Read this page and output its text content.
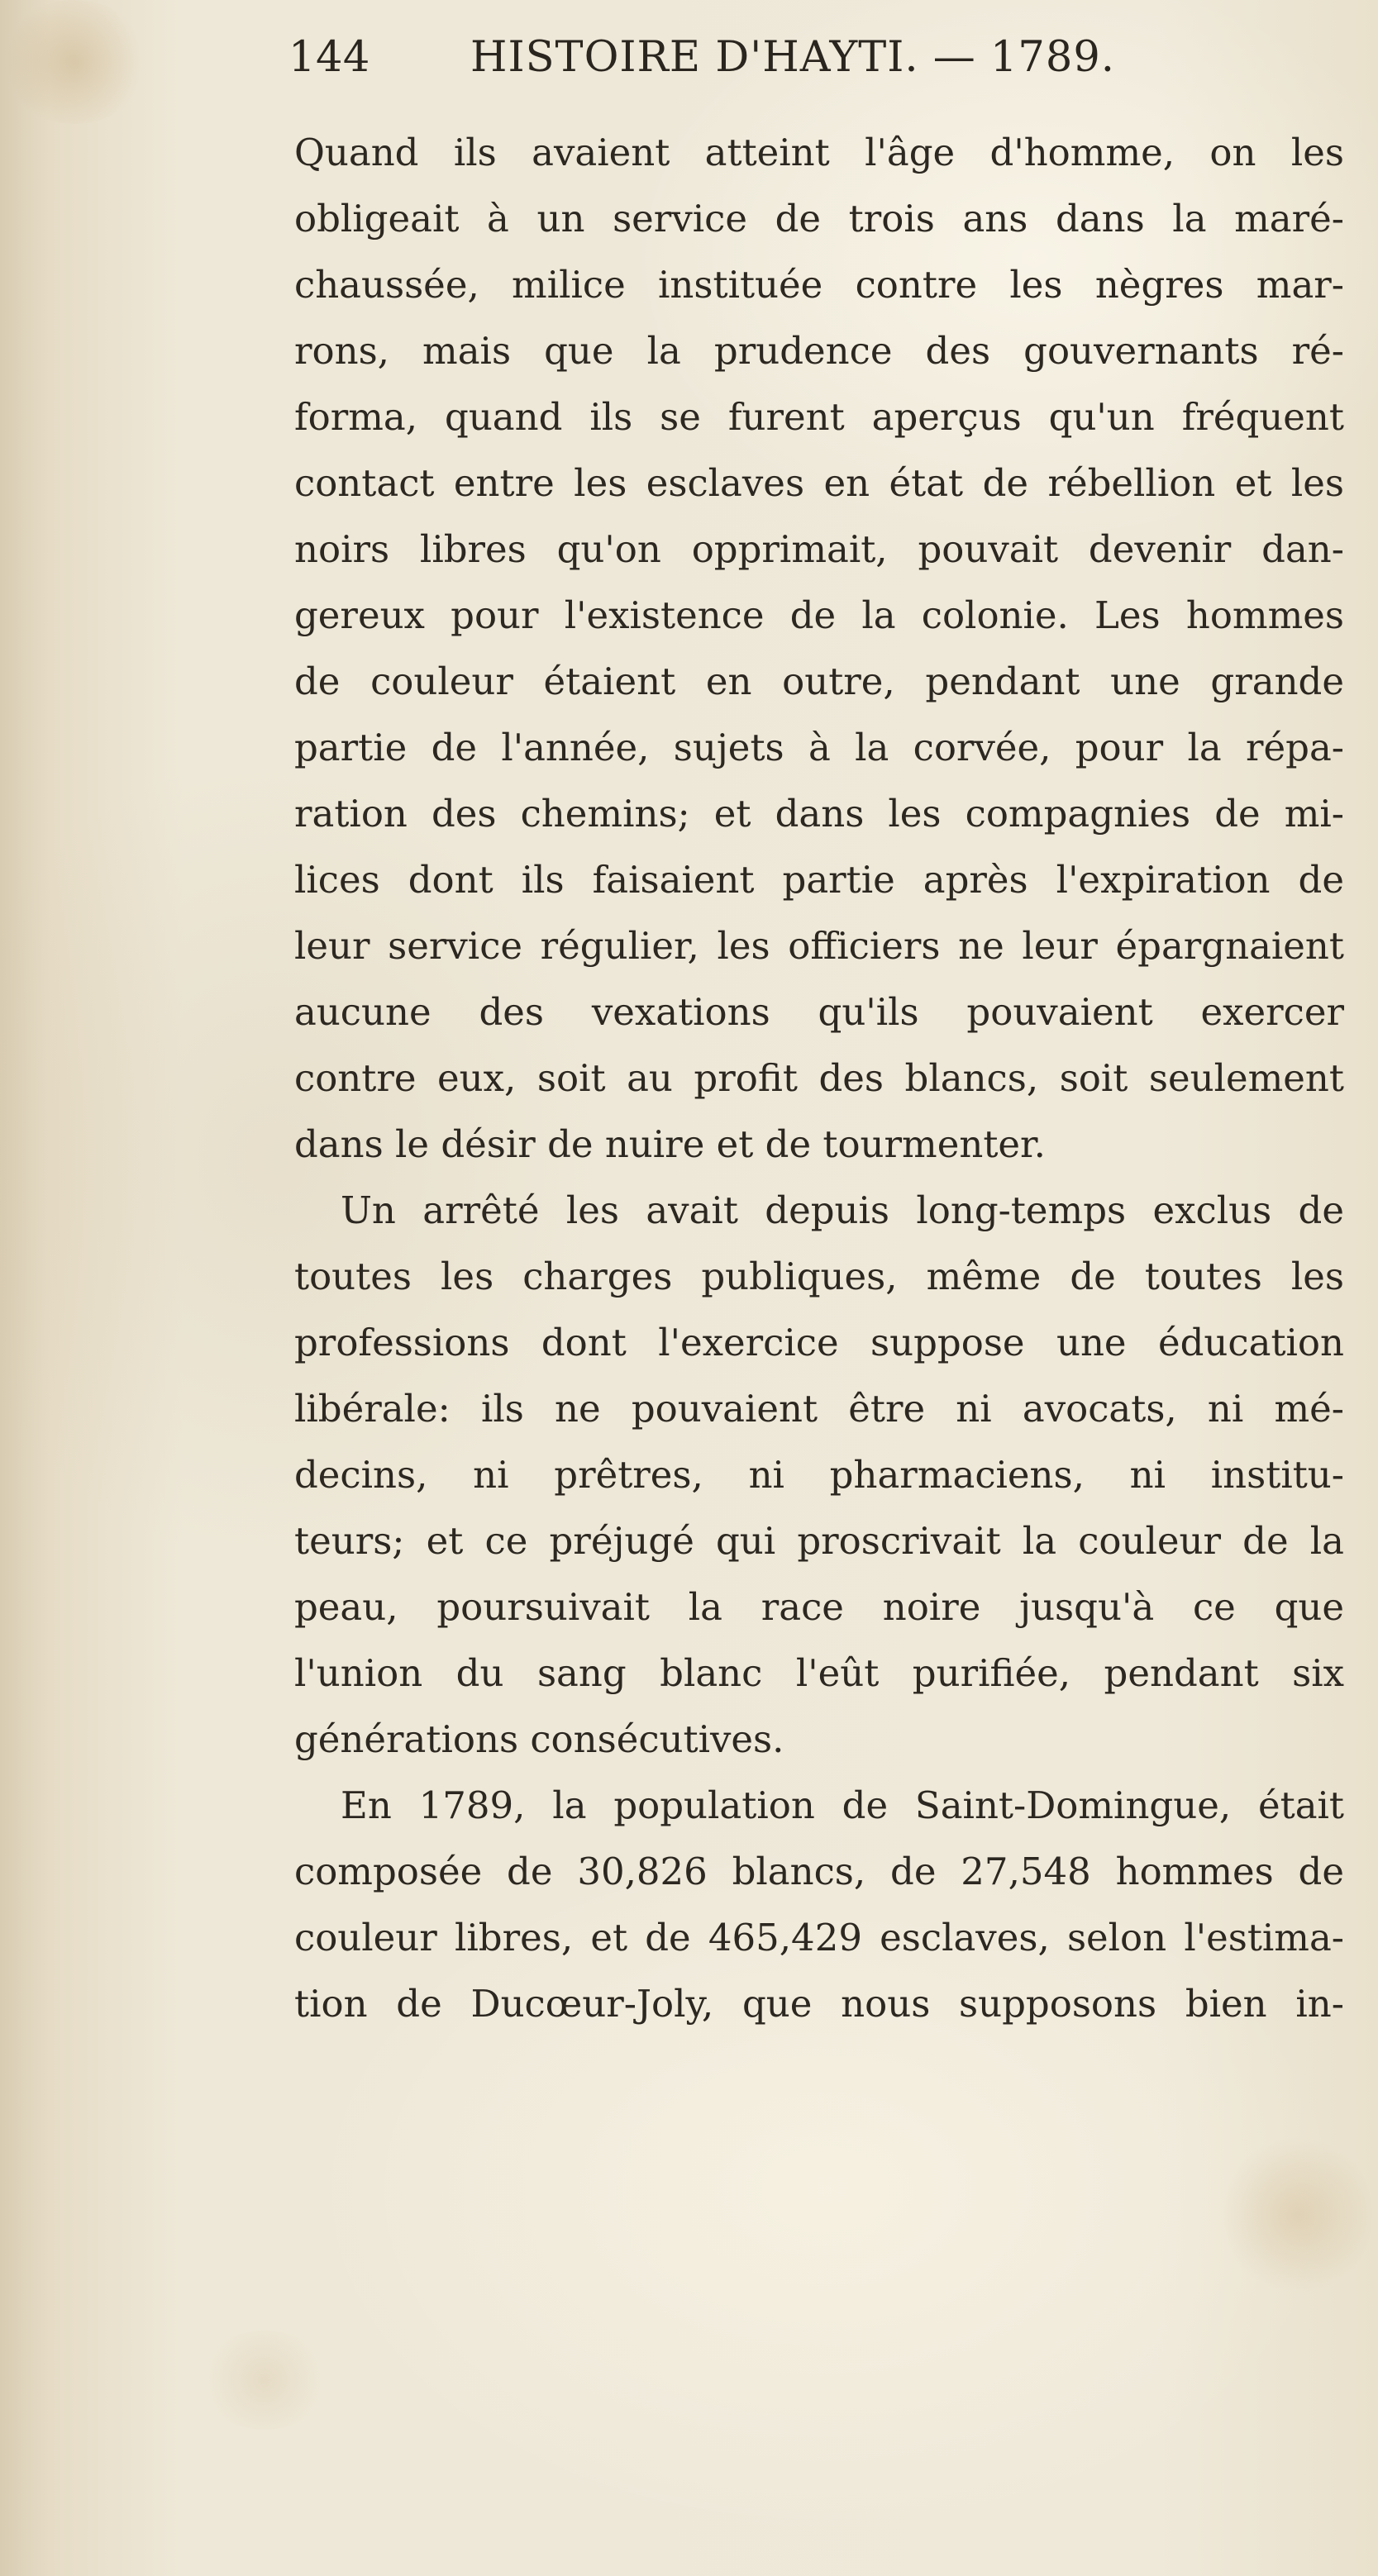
144 HISTOIRE D'HAYTI. — 1789.
Quand ils avaient atteint l'âge d'homme, on les
obligeait à un service de trois ans dans la maré-
chaussée, milice instituée contre les nègres mar-
rons, mais que la prudence des gouvernants ré-
forma, quand ils se furent aperçus qu'un fréquent
contact entre les esclaves en état de rébellion et les
noirs libres qu'on opprimait, pouvait devenir dan-
gereux pour l'existence de la colonie. Les hommes
de couleur étaient en outre, pendant une grande
partie de l'année, sujets à la corvée, pour la répa-
ration des chemins; et dans les compagnies de mi-
lices dont ils faisaient partie après l'expiration de
leur service régulier, les officiers ne leur épargnaient
aucune des vexations qu'ils pouvaient exercer
contre eux, soit au profit des blancs, soit seulement
dans le désir de nuire et de tourmenter.
Un arrêté les avait depuis long-temps exclus de
toutes les charges publiques, même de toutes les
professions dont l'exercice suppose une éducation
libérale: ils ne pouvaient être ni avocats, ni mé-
decins, ni prêtres, ni pharmaciens, ni institu-
teurs; et ce préjugé qui proscrivait la couleur de la
peau, poursuivait la race noire jusqu'à ce que
l'union du sang blanc l'eût purifiée, pendant six
générations consécutives.
En 1789, la population de Saint-Domingue, était
composée de 30,826 blancs, de 27,548 hommes de
couleur libres, et de 465,429 esclaves, selon l'estima-
tion de Ducœur-Joly, que nous supposons bien in-
